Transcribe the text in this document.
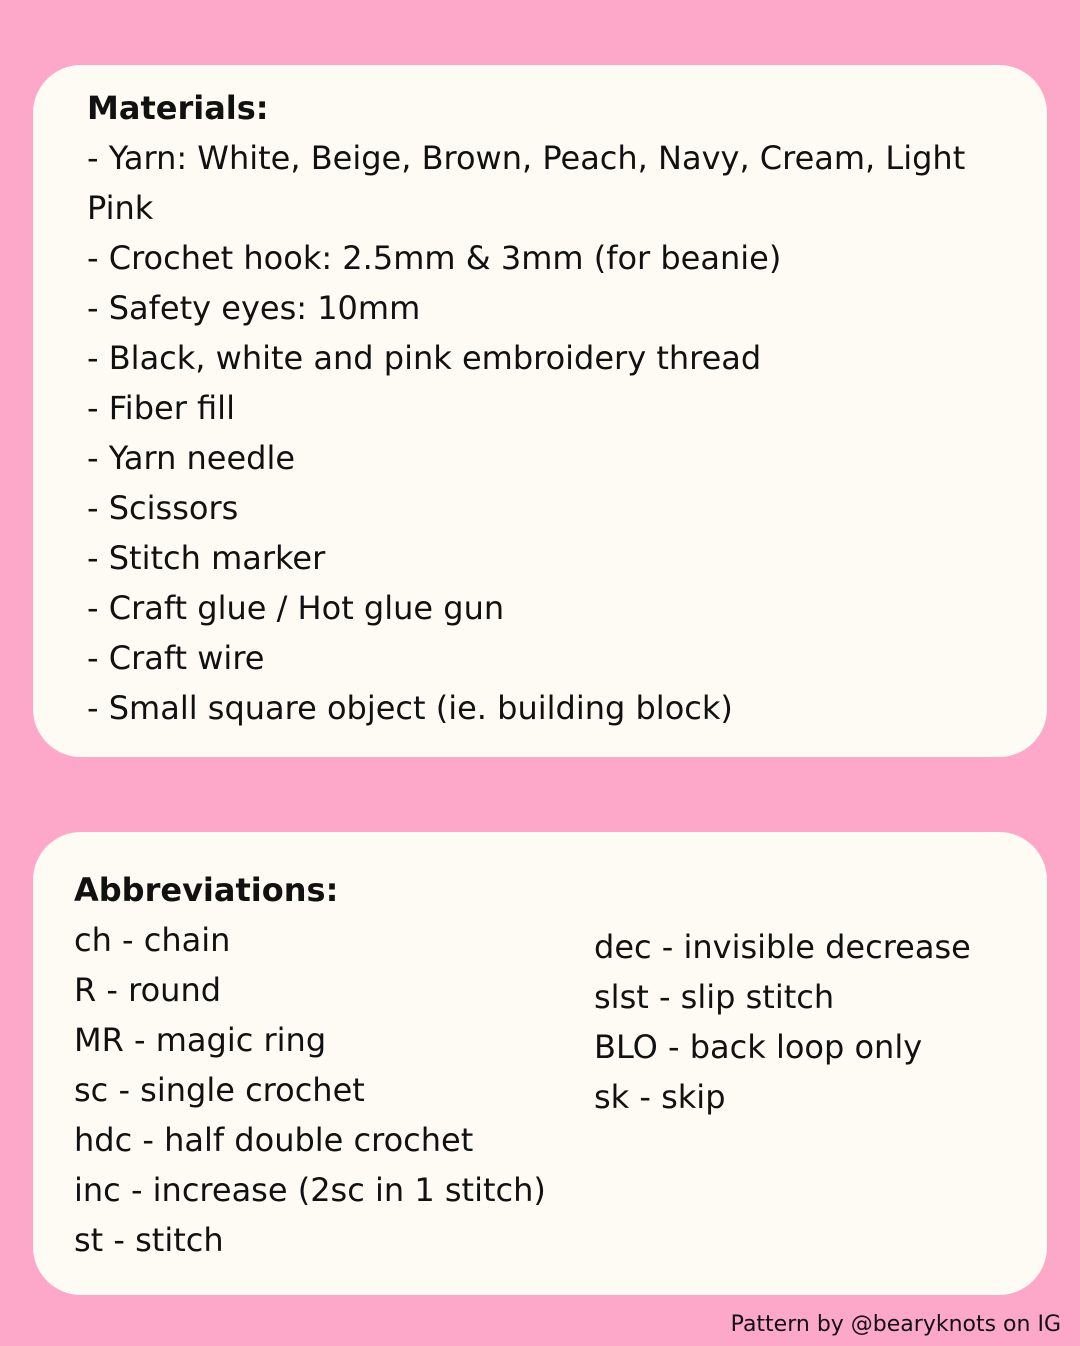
Materials:
- Yarn: White, Beige, Brown, Peach, Navy, Cream, Light Pink
- Crochet hook: 2.5mm & 3mm (for beanie)
- Safety eyes: 10mm
- Black, white and pink embroidery thread
- Fiber fill
- Yarn needle
- Scissors
- Stitch marker
- Craft glue / Hot glue gun
- Craft wire
- Small square object (ie. building block)
Abbreviations:
ch - chain
R - round
MR - magic ring
sc - single crochet
hdc - half double crochet
inc - increase (2sc in 1 stitch)
st - stitch
dec - invisible decrease
slst - slip stitch
BLO - back loop only
sk - skip
Pattern by @bearyknots on IG
